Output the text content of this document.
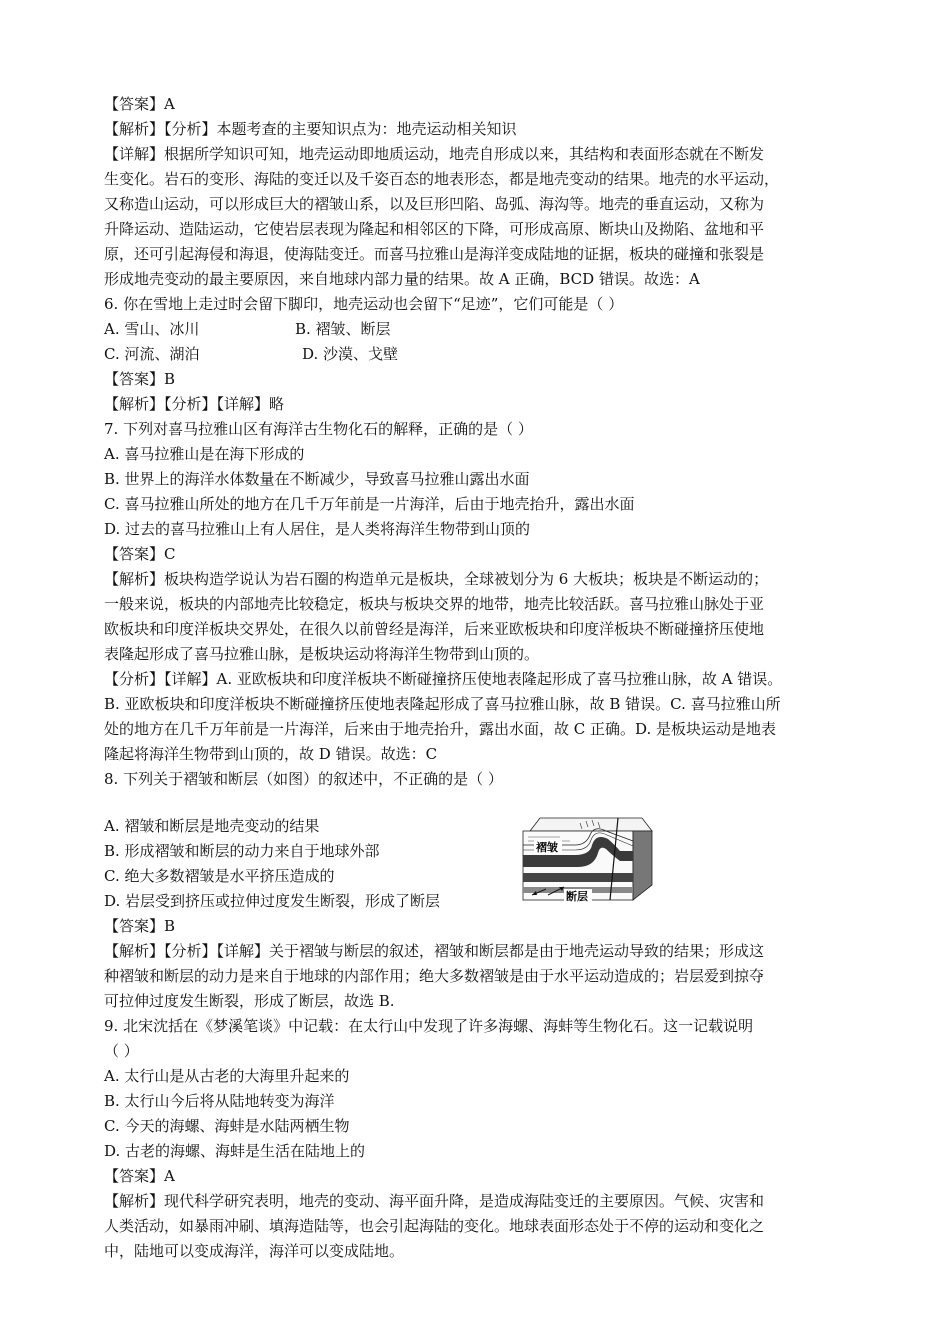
【答案】A
【解析】【分析】本题考查的主要知识点为：地壳运动相关知识
【详解】根据所学知识可知，地壳运动即地质运动，地壳自形成以来，其结构和表面形态就在不断发
生变化。岩石的变形、海陆的变迁以及千姿百态的地表形态，都是地壳变动的结果。地壳的水平运动，
又称造山运动，可以形成巨大的褶皱山系，以及巨形凹陷、岛弧、海沟等。地壳的垂直运动，又称为
升降运动、造陆运动，它使岩层表现为隆起和相邻区的下降，可形成高原、断块山及拗陷、盆地和平
原，还可引起海侵和海退，使海陆变迁。而喜马拉雅山是海洋变成陆地的证据，板块的碰撞和张裂是
形成地壳变动的最主要原因，来自地球内部力量的结果。故 A 正确，BCD 错误。故选：A
6. 你在雪地上走过时会留下脚印，地壳运动也会留下“足迹”，它们可能是（ ）
A. 雪山、冰川	B. 褶皱、断层
C. 河流、湖泊	D. 沙漠、戈壁
【答案】B
【解析】【分析】【详解】略
7. 下列对喜马拉雅山区有海洋古生物化石的解释，正确的是（ ）
A. 喜马拉雅山是在海下形成的
B. 世界上的海洋水体数量在不断减少，导致喜马拉雅山露出水面
C. 喜马拉雅山所处的地方在几千万年前是一片海洋，后由于地壳抬升，露出水面
D. 过去的喜马拉雅山上有人居住，是人类将海洋生物带到山顶的
【答案】C
【解析】板块构造学说认为岩石圈的构造单元是板块，全球被划分为 6 大板块；板块是不断运动的；
一般来说，板块的内部地壳比较稳定，板块与板块交界的地带，地壳比较活跃。喜马拉雅山脉处于亚
欧板块和印度洋板块交界处，在很久以前曾经是海洋，后来亚欧板块和印度洋板块不断碰撞挤压使地
表隆起形成了喜马拉雅山脉，是板块运动将海洋生物带到山顶的。
【分析】【详解】A. 亚欧板块和印度洋板块不断碰撞挤压使地表隆起形成了喜马拉雅山脉，故 A 错误。
B. 亚欧板块和印度洋板块不断碰撞挤压使地表隆起形成了喜马拉雅山脉，故 B 错误。C. 喜马拉雅山所
处的地方在几千万年前是一片海洋，后来由于地壳抬升，露出水面，故 C 正确。D. 是板块运动是地表
隆起将海洋生物带到山顶的，故 D 错误。故选：C
8. 下列关于褶皱和断层（如图）的叙述中，不正确的是（ ）
A. 褶皱和断层是地壳变动的结果
B. 形成褶皱和断层的动力来自于地球外部
C. 绝大多数褶皱是水平挤压造成的
D. 岩层受到挤压或拉伸过度发生断裂，形成了断层
褶皱
断层
【答案】B
【解析】【分析】【详解】关于褶皱与断层的叙述，褶皱和断层都是由于地壳运动导致的结果；形成这
种褶皱和断层的动力是来自于地球的内部作用；绝大多数褶皱是由于水平运动造成的；岩层爱到掠夺
可拉伸过度发生断裂，形成了断层，故选 B.
9. 北宋沈括在《梦溪笔谈》中记载：在太行山中发现了许多海螺、海蚌等生物化石。这一记载说明
（ ）
A. 太行山是从古老的大海里升起来的
B. 太行山今后将从陆地转变为海洋
C. 今天的海螺、海蚌是水陆两栖生物
D. 古老的海螺、海蚌是生活在陆地上的
【答案】A
【解析】现代科学研究表明，地壳的变动、海平面升降，是造成海陆变迁的主要原因。气候、灾害和
人类活动，如暴雨冲刷、填海造陆等，也会引起海陆的变化。地球表面形态处于不停的运动和变化之
中，陆地可以变成海洋，海洋可以变成陆地。
